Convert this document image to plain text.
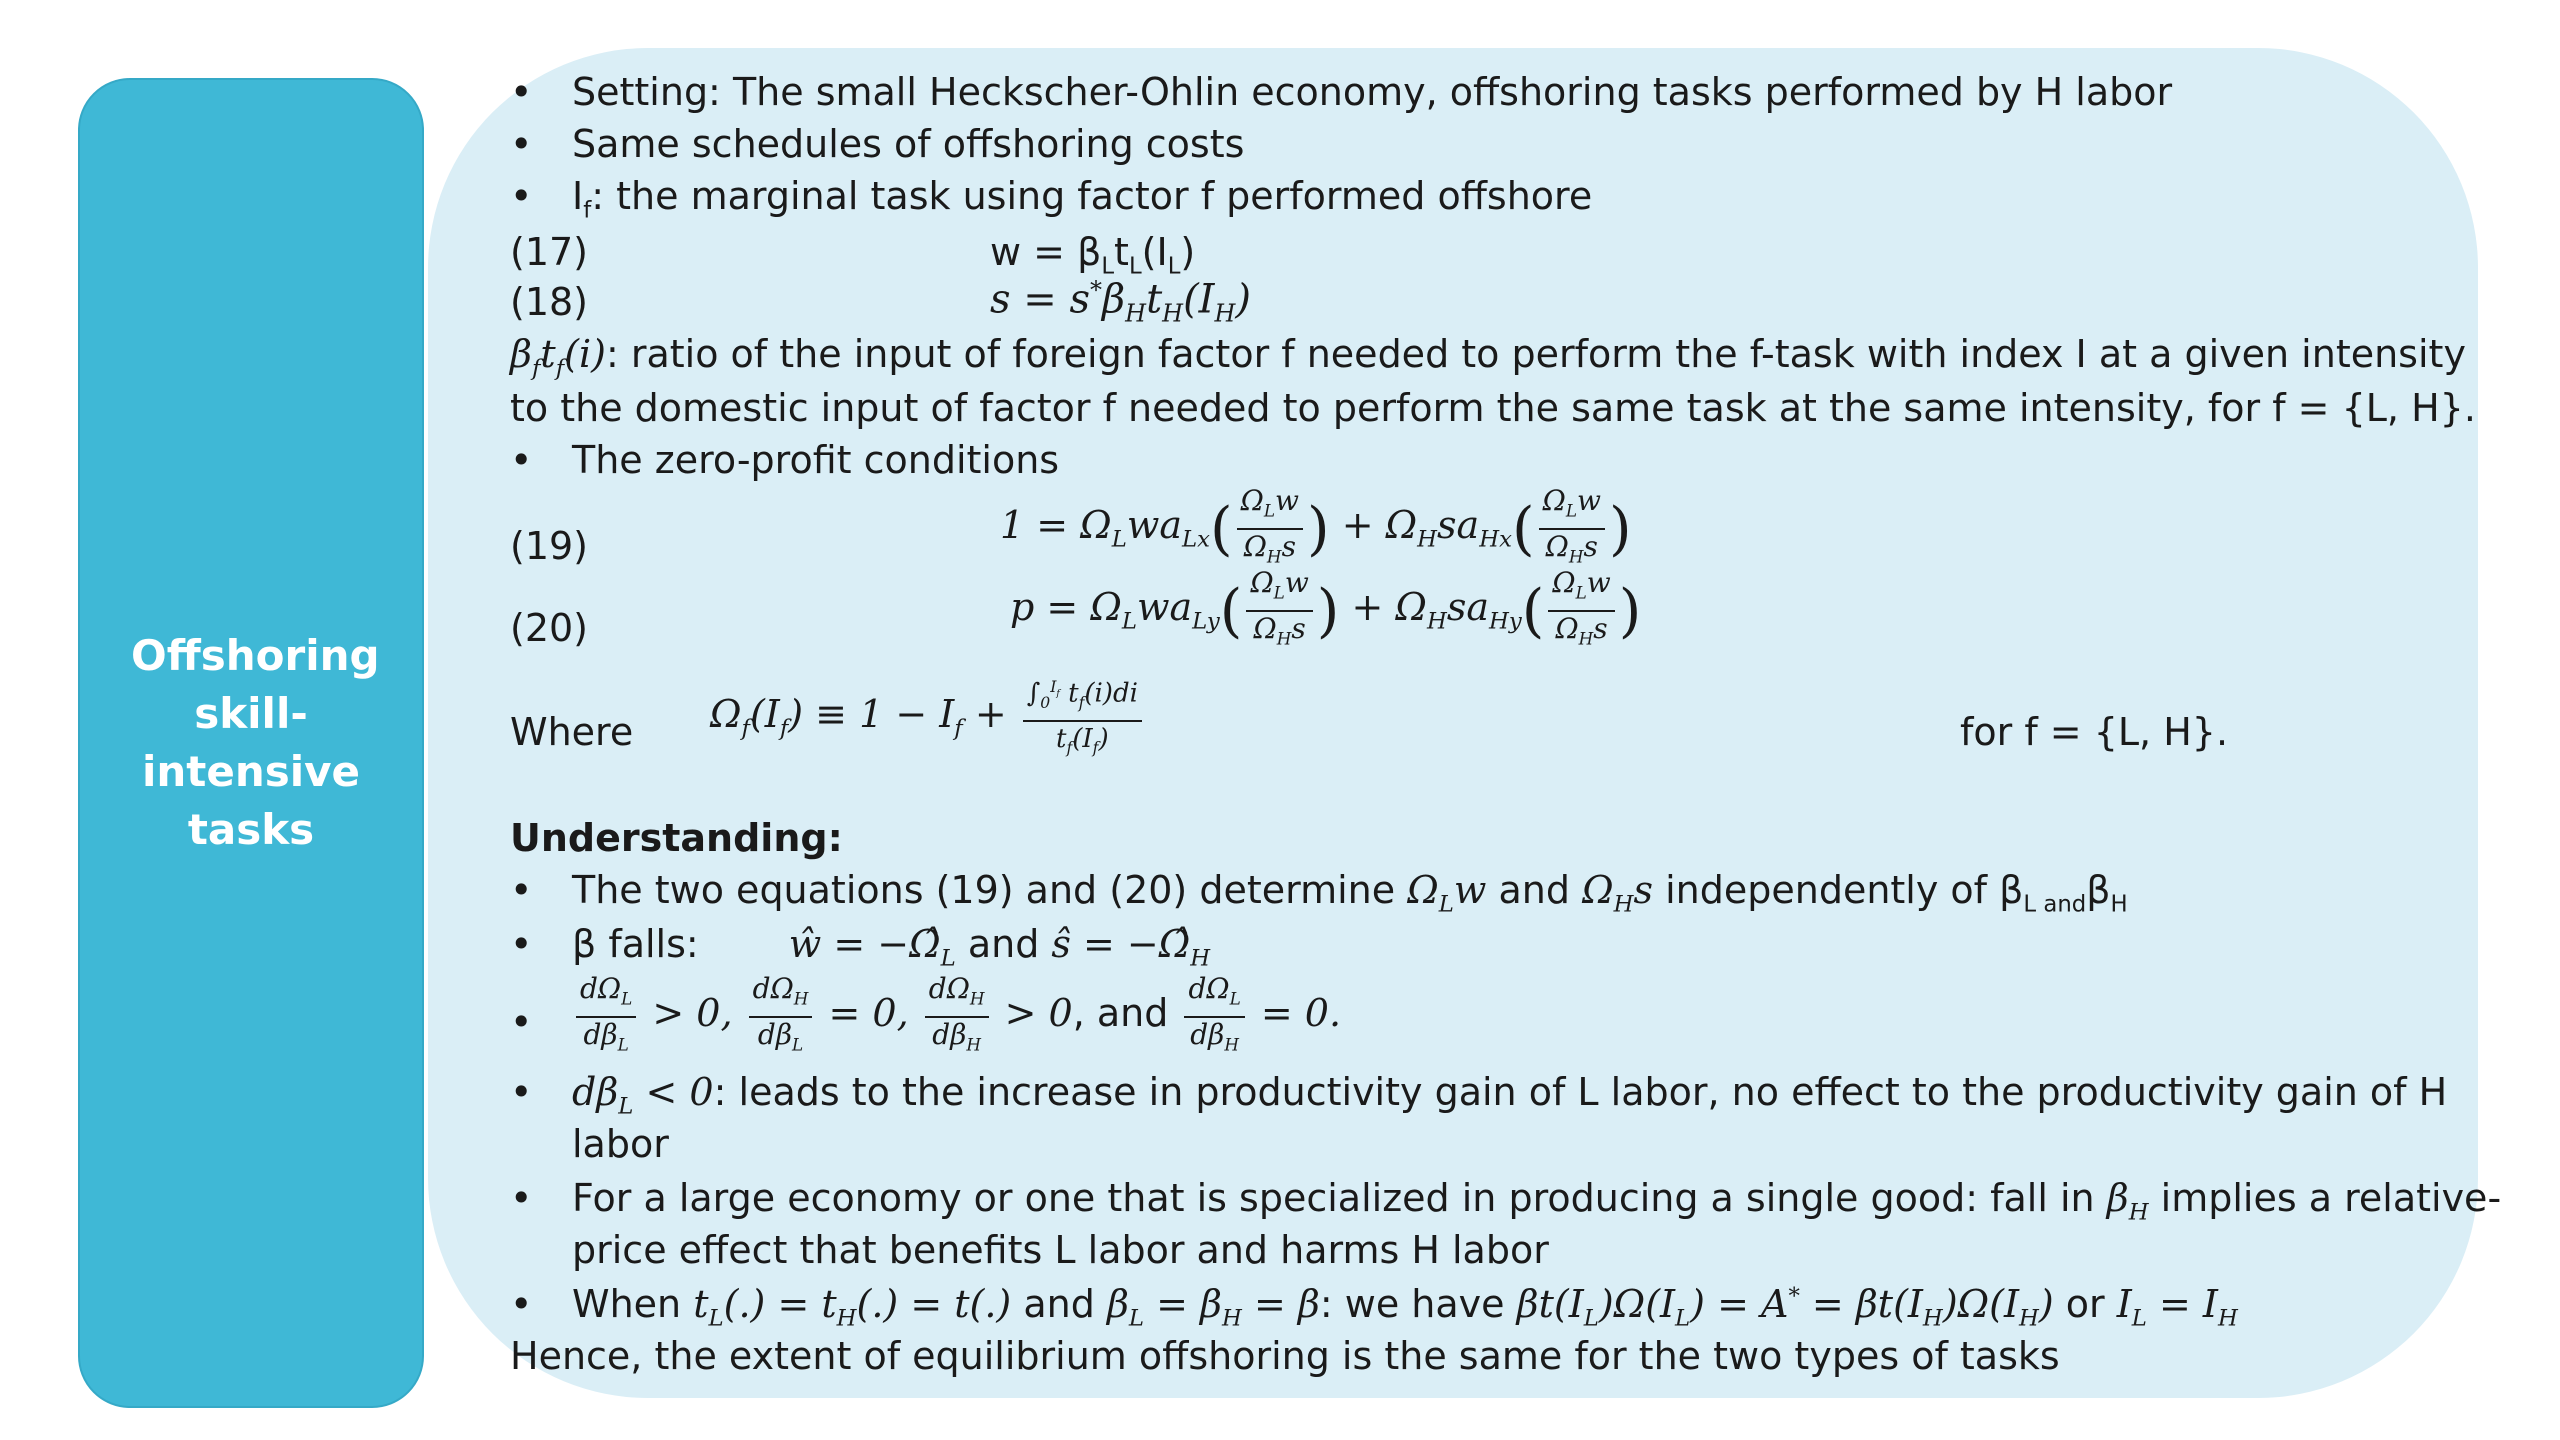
Offshoring skill-intensive tasks
• Setting: The small Heckscher-Ohlin economy, offshoring tasks performed by H labor
• Same schedules of offshoring costs
• $I_f$: the marginal task using factor f performed offshore
(17)	$w = \beta_Lt_L(I_L)$
(18)	$s = s^*\beta_Ht_H(I_H)$
$\beta_ft_f(i)$: ratio of the input of foreign factor f needed to perform the f-task with index I at a given intensity
to the domestic input of factor f needed to perform the same task at the same intensity, for f = {L, H}.
• The zero-profit conditions
(19)	$1 = \Omega_Lwa_{Lx}( \frac{\Omega_Lw}{\Omega_Hs}$ ) + $\Omega_Hsa_{Hx}( \frac{\Omega_Lw}{\Omega_Hs}$ )
(20)	$p = \Omega_Lwa_{Ly}( \frac{\Omega_Lw}{\Omega_Hs}$ ) + $\Omega_Hsa_{Hy}( \frac{\Omega_Lw}{\Omega_Hs}$ )
Where	for f = {L, H}.
$\Omega_f(I_f) \equiv 1 - I_f + \frac{\int_0^{I_f} t_f(i)di}{t_f(I_f)}$
Understanding:
• The two equations (19) and (20) determine $\Omega_Lw$ and $\Omega_Hs$ independently of $\beta_{L and}\beta_H$
• β falls: ŵ = $-\Omegâ_L$ and ŝ = $-\Omegâ_H$
• $\frac{d\Omega_L}{d\beta_L} > 0$, $\frac{d\Omega_H}{d\beta_L} = 0$, $\frac{d\Omega_H}{d\beta_H} > 0$, and $\frac{d\Omega_L}{d\beta_H} = 0$.
• $d\beta_L < 0$: leads to the increase in productivity gain of L labor, no effect to the productivity gain of H
labor
• For a large economy or one that is specialized in producing a single good: fall in $\beta_H$ implies a relative-
price effect that benefits L labor and harms H labor
• When $t_L(.) = t_H(.) = t(.)$ and $\beta_L = \beta_H = \beta$: we have $\beta t(I_L)\Omega(I_L) = A^* = \beta t(I_H)\Omega(I_H)$ or $I_L = I_H$
Hence, the extent of equilibrium offshoring is the same for the two types of tasks
